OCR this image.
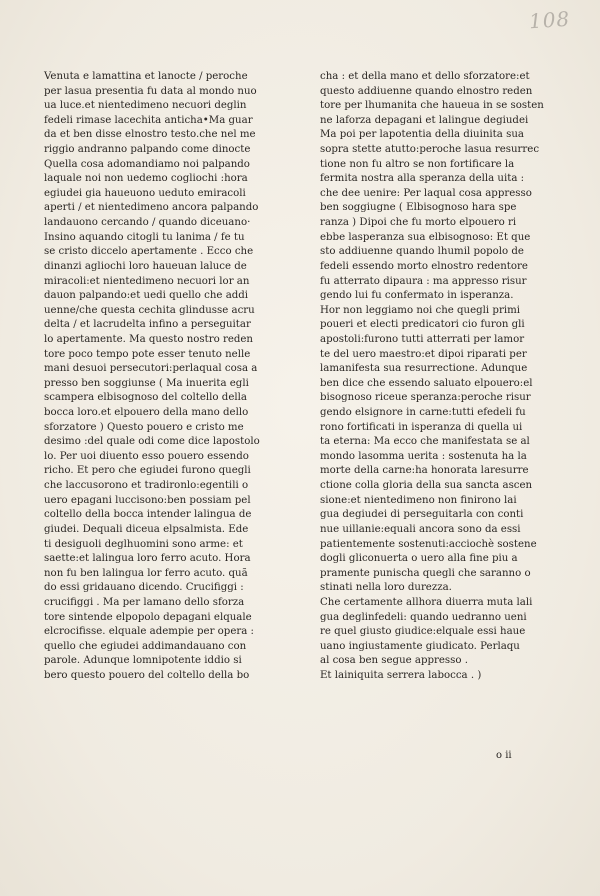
108
Venuta e lamattina et lanocte / peroche
per lasua presentia fu data al mondo nuo
ua luce.et nientedimeno necuori deglin
fedeli rimase lacechita anticha•Ma guar
da et ben disse elnostro testo.che nel me
riggio andranno palpando come dinocte
Quella cosa adomandiamo noi palpando
laquale noi non uedemo cogliochi :hora
egiudei gia haueuono ueduto emiracoli
aperti / et nientedimeno ancora palpando
landauono cercando / quando diceuano·
Insino aquando citogli tu lanima / fe tu
se cristo diccelo apertamente . Ecco che
dinanzi agliochi loro haueuan laluce de
miracoli:et nientedimeno necuori lor an
dauon palpando:et uedi quello che addi
uenne/che questa cechita glindusse acru
delta / et lacrudelta infino a perseguitar
lo apertamente. Ma questo nostro reden
tore poco tempo pote esser tenuto nelle
mani desuoi persecutori:perlaqual cosa a
presso ben soggiunse ( Ma inuerita egli
scampera elbisognoso del coltello della
bocca loro.et elpouero della mano dello
sforzatore ) Questo pouero e cristo me
desimo :del quale odi come dice lapostolo
lo. Per uoi diuento esso pouero essendo
richo. Et pero che egiudei furono quegli
che laccusorono et tradironlo:egentili o
uero epagani luccisono:ben possiam pel
coltello della bocca intender lalingua de
giudei. Dequali diceua elpsalmista. Ede
ti desiguoli deglhuomini sono arme: et
saette:et lalingua loro ferro acuto. Hora
non fu ben lalingua lor ferro acuto. quã
do essi gridauano dicendo. Crucifiggi :
crucifiggi . Ma per lamano dello sforza
tore sintende elpopolo depagani elquale
elcrocifisse. elquale adempie per opera :
quello che egiudei addimandauano con
parole. Adunque lomnipotente iddio si
bero questo pouero del coltello della bo
cha : et della mano et dello sforzatore:et
questo addiuenne quando elnostro reden
tore per lhumanita che haueua in se sosten
ne laforza depagani et lalingue degiudei
Ma poi per lapotentia della diuinita sua
sopra stette atutto:peroche lasua resurrec
tione non fu altro se non fortificare la
fermita nostra alla speranza della uita :
che dee uenire: Per laqual cosa appresso
ben soggiugne ( Elbisognoso hara spe
ranza ) Dipoi che fu morto elpouero ri
ebbe lasperanza sua elbisognoso: Et que
sto addiuenne quando lhumil popolo de
fedeli essendo morto elnostro redentore
fu atterrato dipaura : ma appresso risur
gendo lui fu confermato in isperanza.
Hor non leggiamo noi che quegli primi
poueri et electi predicatori cio furon gli
apostoli:furono tutti atterrati per lamor
te del uero maestro:et dipoi riparati per
lamanifesta sua resurrectione. Adunque
ben dice che essendo saluato elpouero:el
bisognoso riceue speranza:peroche risur
gendo elsignore in carne:tutti efedeli fu
rono fortificati in isperanza di quella ui
ta eterna: Ma ecco che manifestata se al
mondo lasomma uerita : sostenuta ha la
morte della carne:ha honorata laresurre
ctione colla gloria della sua sancta ascen
sione:et nientedimeno non finirono lai
gua degiudei di perseguitarla con conti
nue uillanie:equali ancora sono da essi
patientemente sostenuti:acciochè sostene
dogli gliconuerta o uero alla fine piu a
pramente punischa quegli che saranno o
stinati nella loro durezza.
Che certamente allhora diuerra muta lali
gua deglinfedeli: quando uedranno ueni
re quel giusto giudice:elquale essi haue
uano ingiustamente giudicato. Perlaqu
al cosa ben segue appresso .
Et lainiquita serrera labocca . )
o ii
